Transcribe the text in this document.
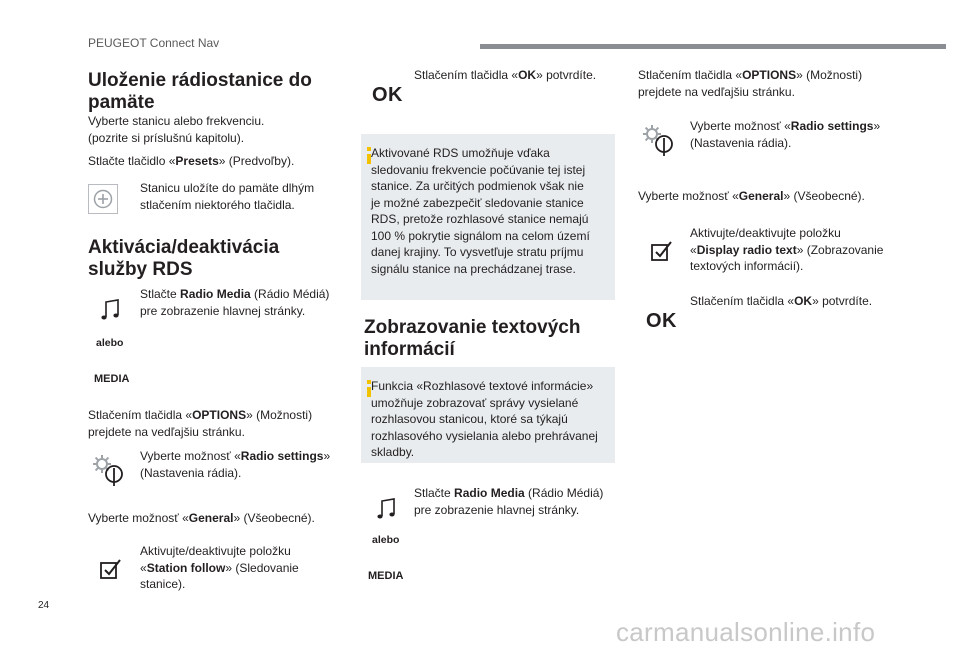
PEUGEOT Connect Nav
Uloženie rádiostanice do
pamäte
Vyberte stanicu alebo frekvenciu.
(pozrite si príslušnú kapitolu).
Stlačte tlačidlo «Presets» (Predvoľby).
Stanicu uložíte do pamäte dlhým
stlačením niektorého tlačidla.
Aktivácia/deaktivácia
služby RDS
alebo
MEDIA
Stlačte Radio Media (Rádio Médiá)
pre zobrazenie hlavnej stránky.
Stlačením tlačidla «OPTIONS» (Možnosti)
prejdete na vedľajšiu stránku.
Vyberte možnosť «Radio settings»
(Nastavenia rádia).
Vyberte možnosť «General» (Všeobecné).
Aktivujte/deaktivujte položku
«Station follow» (Sledovanie
stanice).
OK
Stlačením tlačidla «OK» potvrdíte.
Aktivované RDS umožňuje vďaka
sledovaniu frekvencie počúvanie tej istej
stanice. Za určitých podmienok však nie
je možné zabezpečiť sledovanie stanice
RDS, pretože rozhlasové stanice nemajú
100 % pokrytie signálom na celom území
danej krajiny. To vysvetľuje stratu príjmu
signálu stanice na prechádzanej trase.
Zobrazovanie textových
informácií
Funkcia «Rozhlasové textové informácie»
umožňuje zobrazovať správy vysielané
rozhlasovou stanicou, ktoré sa týkajú
rozhlasového vysielania alebo prehrávanej
skladby.
alebo
MEDIA
Stlačte Radio Media (Rádio Médiá)
pre zobrazenie hlavnej stránky.
Stlačením tlačidla «OPTIONS» (Možnosti)
prejdete na vedľajšiu stránku.
Vyberte možnosť «Radio settings»
(Nastavenia rádia).
Vyberte možnosť «General» (Všeobecné).
Aktivujte/deaktivujte položku
«Display radio text» (Zobrazovanie
textových informácií).
OK
Stlačením tlačidla «OK» potvrdíte.
24
carmanualsonline.info
